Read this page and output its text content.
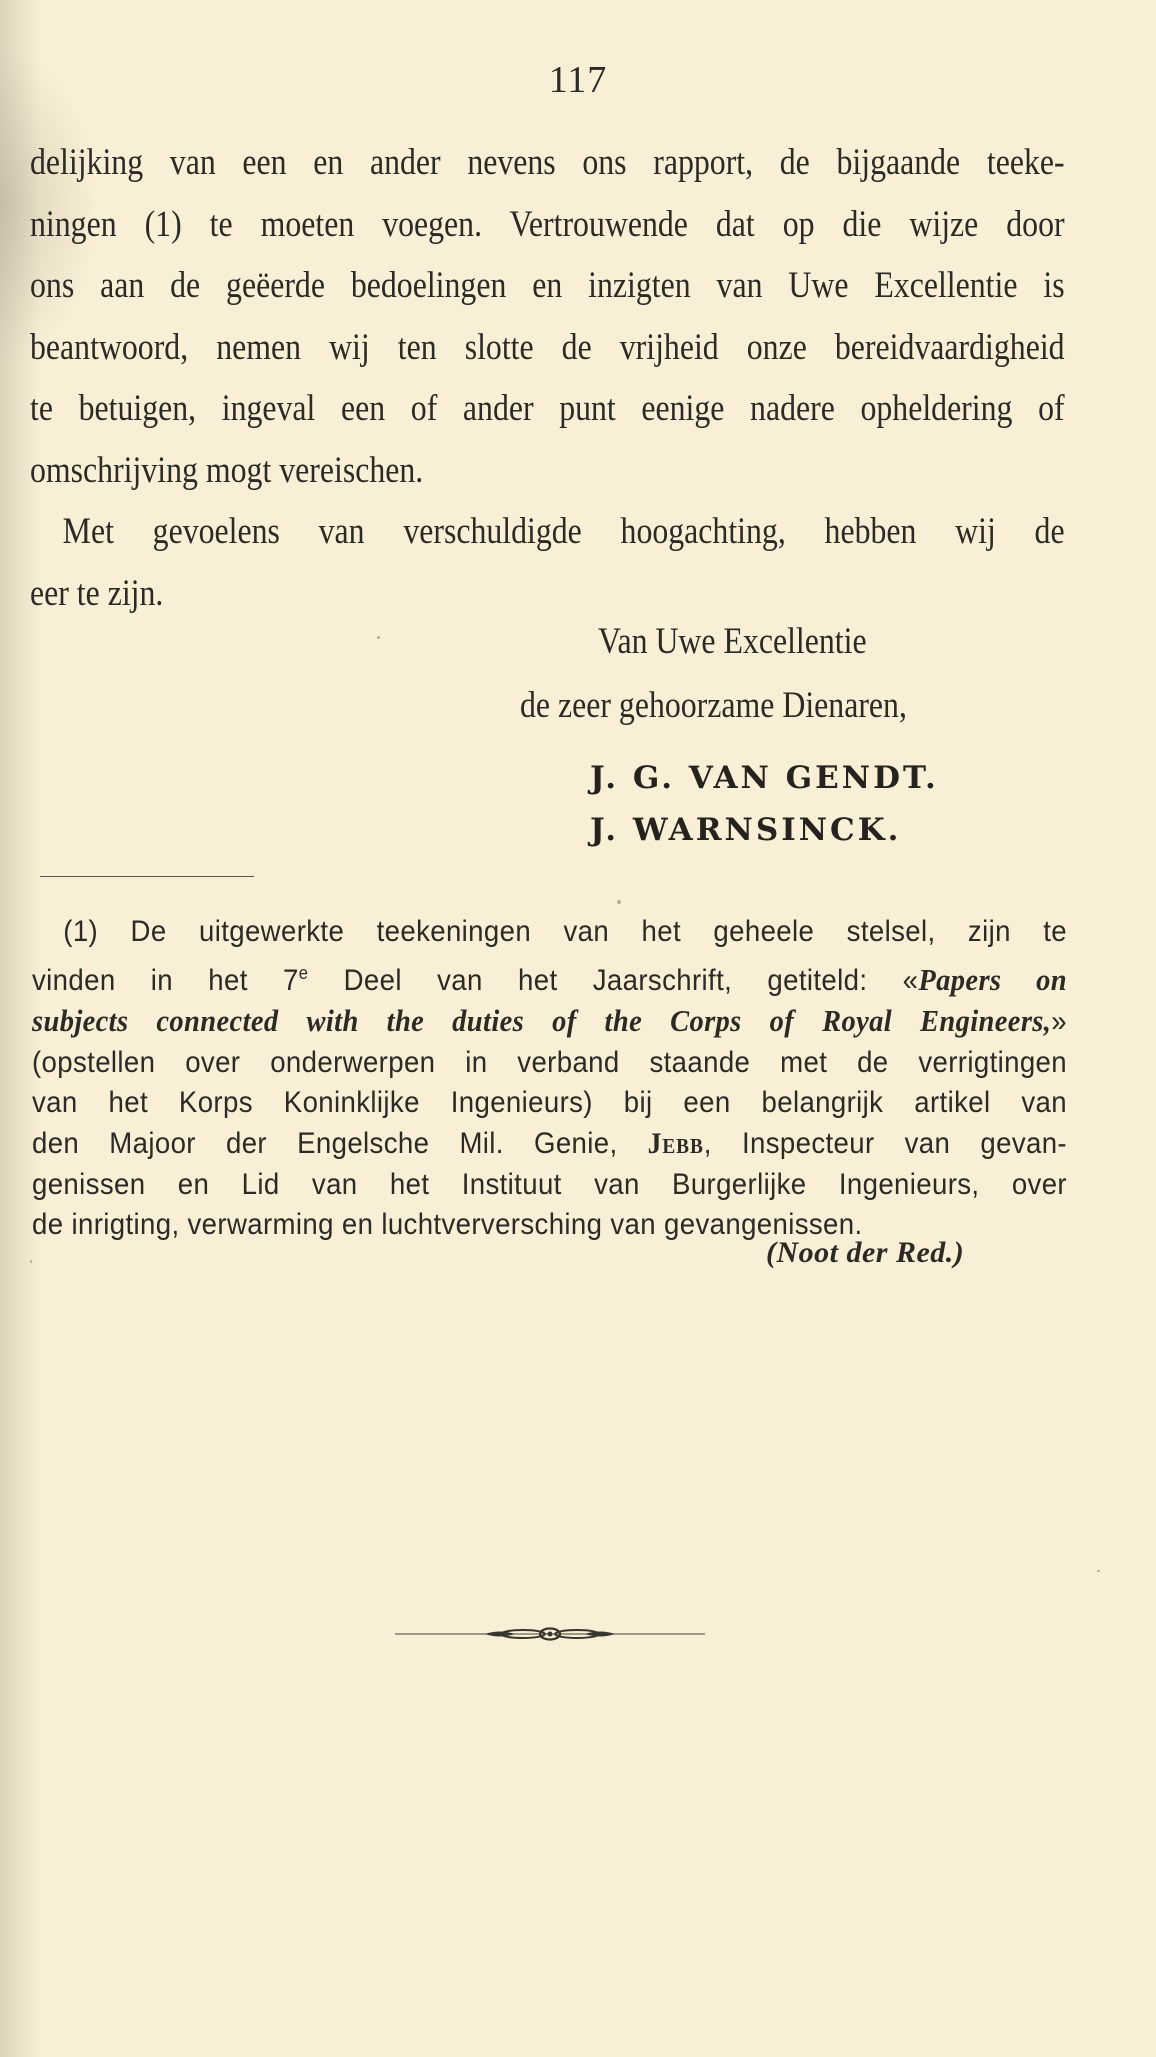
117
delijking van een en ander nevens ons rapport, de bijgaande teeke-
ningen (1) te moeten voegen. Vertrouwende dat op die wijze door
ons aan de geëerde bedoelingen en inzigten van Uwe Excellentie is
beantwoord, nemen wij ten slotte de vrijheid onze bereidvaardigheid
te betuigen, ingeval een of ander punt eenige nadere opheldering of
omschrijving mogt vereischen.
Met gevoelens van verschuldigde hoogachting, hebben wij de
eer te zijn.
Van Uwe Excellentie
de zeer gehoorzame Dienaren,
J. G. VAN GENDT.
J. WARNSINCK.
(1) De uitgewerkte teekeningen van het geheele stelsel, zijn te
vinden in het 7e Deel van het Jaarschrift, getiteld: «Papers on
subjects connected with the duties of the Corps of Royal Engineers,»
(opstellen over onderwerpen in verband staande met de verrigtingen
van het Korps Koninklijke Ingenieurs) bij een belangrijk artikel van
den Majoor der Engelsche Mil. Genie, Jebb, Inspecteur van gevan-
genissen en Lid van het Instituut van Burgerlijke Ingenieurs, over
de inrigting, verwarming en luchtverversching van gevangenissen.
(Noot der Red.)
